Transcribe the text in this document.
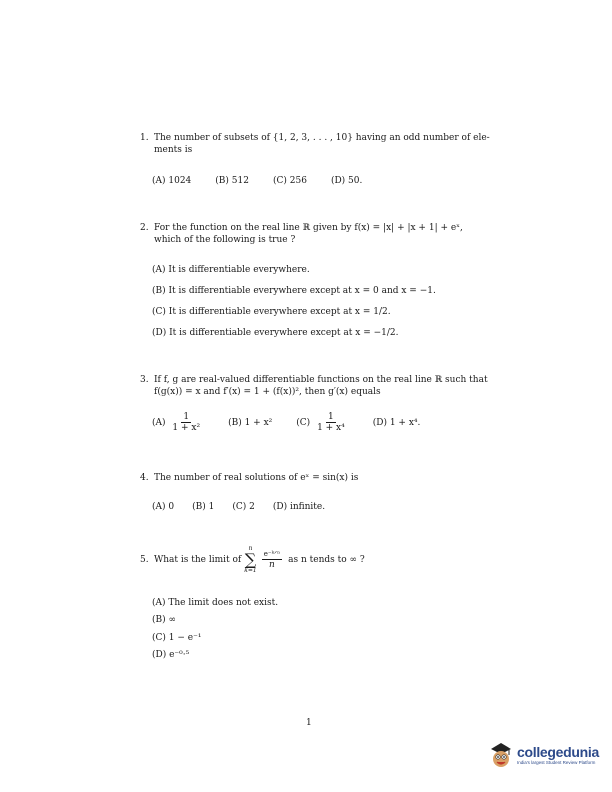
1. The number of subsets of {1, 2, 3, . . . , 10} having an odd number of ele-
ments is
(A) 1024	(B) 512	(C) 256	(D) 50.
2. For the function on the real line ℝ given by f(x) = |x| + |x + 1| + eˣ,
which of the following is true ?
(A) It is differentiable everywhere.
(B) It is differentiable everywhere except at x = 0 and x = −1.
(C) It is differentiable everywhere except at x = 1/2.
(D) It is differentiable everywhere except at x = −1/2.
3. If f, g are real-valued differentiable functions on the real line ℝ such that
f(g(x)) = x and f′(x) = 1 + (f(x))², then g′(x) equals
$(A) \frac{1}{\text{1 + x²}}$	(B) 1 + x²	$(C) \frac{1}{\text{1 + x⁴}}$	(D) 1 + x⁴.
4. The number of real solutions of eˣ = sin(x) is
(A) 0 (B) 1 (C) 2 (D) infinite.
5. What is the limit of
n
∑
k=1
$\frac{\text{e⁻ᵏᐟⁿ}}{n}$ as n tends to ∞ ?
(A) The limit does not exist.
(B) ∞
(C) 1 − e⁻¹
(D) e⁻⁰·⁵
1
collegedunia
India's largest Student Review Platform
